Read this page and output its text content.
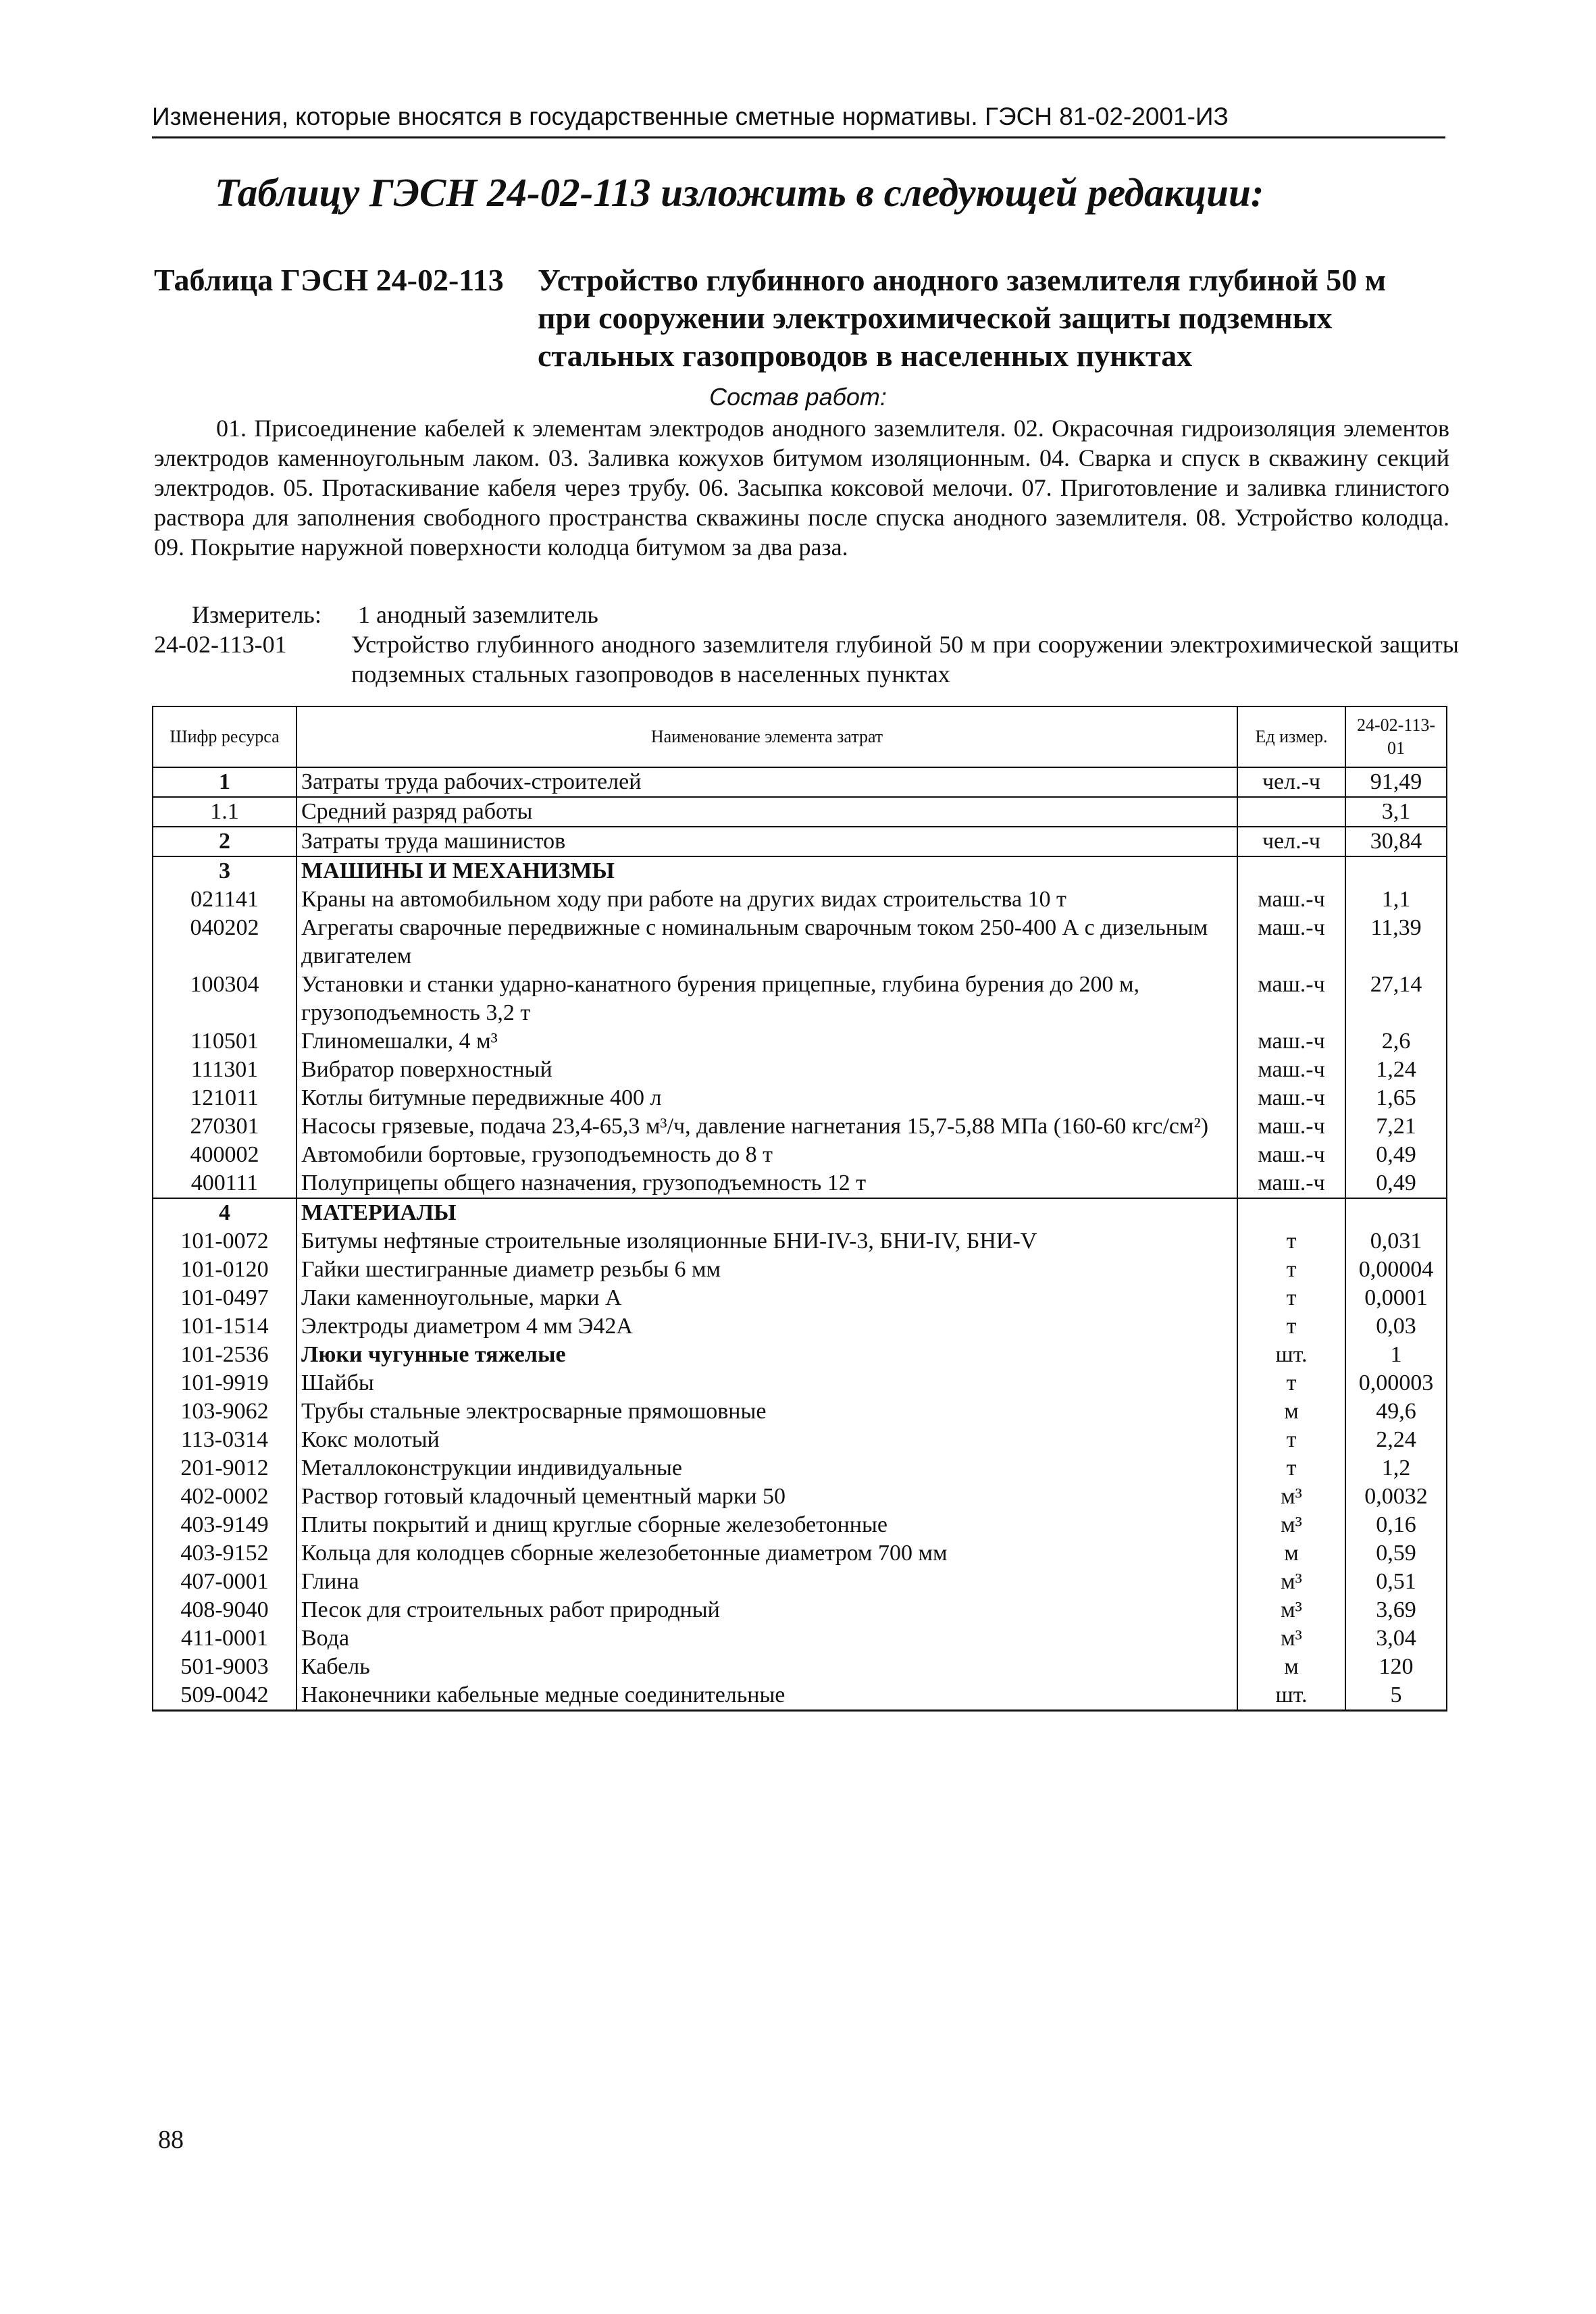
Изменения, которые вносятся в государственные сметные нормативы. ГЭСН 81-02-2001-ИЗ
Таблицу ГЭСН 24-02-113 изложить в следующей редакции:
Таблица ГЭСН 24-02-113 Устройство глубинного анодного заземлителя глубиной 50 м
при сооружении электрохимической защиты подземных
стальных газопроводов в населенных пунктах
Состав работ:
01. Присоединение кабелей к элементам электродов анодного заземлителя. 02. Окрасочная гидроизоляция элементов электродов каменноугольным лаком. 03. Заливка кожухов битумом изоляционным. 04. Сварка и спуск в скважину секций электродов. 05. Протаскивание кабеля через трубу. 06. Засыпка коксовой мелочи. 07. Приготовление и заливка глинистого раствора для заполнения свободного пространства скважины после спуска анодного заземлителя. 08. Устройство колодца. 09. Покрытие наружной поверхности колодца битумом за два раза.
Измеритель: 1 анодный заземлитель
24-02-113-01	Устройство глубинного анодного заземлителя глубиной 50 м при сооружении электрохимической защиты подземных стальных газопроводов в населенных пунктах
Шифр ресурса	Наименование элемента затрат	Ед измер.	24-02-113-01
1	Затраты труда рабочих-строителей	чел.-ч	91,49
1.1	Средний разряд работы		3,1
2	Затраты труда машинистов	чел.-ч	30,84
3	МАШИНЫ И МЕХАНИЗМЫ		
021141	Краны на автомобильном ходу при работе на других видах строительства 10 т	маш.-ч	1,1
040202	Агрегаты сварочные передвижные с номинальным сварочным током 250-400 А с дизельным двигателем	маш.-ч	11,39
100304	Установки и станки ударно-канатного бурения прицепные, глубина бурения до 200 м, грузоподъемность 3,2 т	маш.-ч	27,14
110501	Глиномешалки, 4 м³	маш.-ч	2,6
111301	Вибратор поверхностный	маш.-ч	1,24
121011	Котлы битумные передвижные 400 л	маш.-ч	1,65
270301	Насосы грязевые, подача 23,4-65,3 м³/ч, давление нагнетания 15,7-5,88 МПа (160-60 кгс/см²)	маш.-ч	7,21
400002	Автомобили бортовые, грузоподъемность до 8 т	маш.-ч	0,49
400111	Полуприцепы общего назначения, грузоподъемность 12 т	маш.-ч	0,49
4	МАТЕРИАЛЫ		
101-0072	Битумы нефтяные строительные изоляционные БНИ-IV-3, БНИ-IV, БНИ-V	т	0,031
101-0120	Гайки шестигранные диаметр резьбы 6 мм	т	0,00004
101-0497	Лаки каменноугольные, марки А	т	0,0001
101-1514	Электроды диаметром 4 мм Э42А	т	0,03
101-2536	Люки чугунные тяжелые	шт.	1
101-9919	Шайбы	т	0,00003
103-9062	Трубы стальные электросварные прямошовные	м	49,6
113-0314	Кокс молотый	т	2,24
201-9012	Металлоконструкции индивидуальные	т	1,2
402-0002	Раствор готовый кладочный цементный марки 50	м³	0,0032
403-9149	Плиты покрытий и днищ круглые сборные железобетонные	м³	0,16
403-9152	Кольца для колодцев сборные железобетонные диаметром 700 мм	м	0,59
407-0001	Глина	м³	0,51
408-9040	Песок для строительных работ природный	м³	3,69
411-0001	Вода	м³	3,04
501-9003	Кабель	м	120
509-0042	Наконечники кабельные медные соединительные	шт.	5
88
